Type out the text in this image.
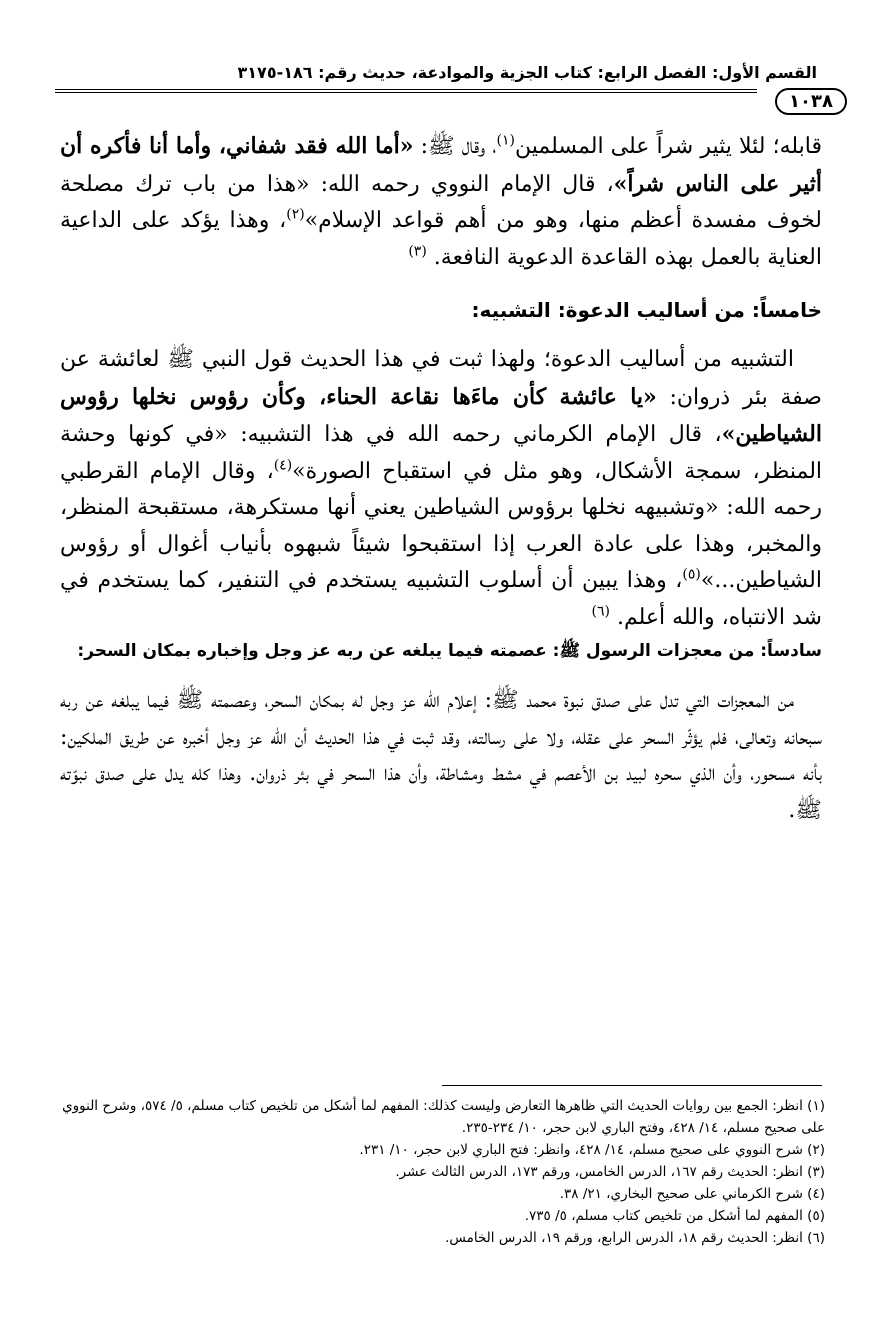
القسم الأول: الفصل الرابع: كتاب الجزية والموادعة، حديث رقم: ١٨٦-٣١٧٥
١٠٣٨

قابله؛ لئلا يثير شراً على المسلمين$^{(١)}$، وقال ﷺ: «أما الله فقد شفاني، وأما أنا فأكره أن أثير على الناس شراً»، قال الإمام النووي رحمه الله: «هذا من باب ترك مصلحة لخوف مفسدة أعظم منها، وهو من أهم قواعد الإسلام»$^{(٢)}$، وهذا يؤكد على الداعية العناية بالعمل بهذه القاعدة الدعوية النافعة. $^{(٣)}$

خامساً: من أساليب الدعوة: التشبيه:

التشبيه من أساليب الدعوة؛ ولهذا ثبت في هذا الحديث قول النبي ﷺ لعائشة عن صفة بئر ذروان: «يا عائشة كأن ماءَها نقاعة الحناء، وكأن رؤوس نخلها رؤوس الشياطين»، قال الإمام الكرماني رحمه الله في هذا التشبيه: «في كونها وحشة المنظر، سمجة الأشكال، وهو مثل في استقباح الصورة»$^{(٤)}$، وقال الإمام القرطبي رحمه الله: «وتشبيهه نخلها برؤوس الشياطين يعني أنها مستكرهة، مستقبحة المنظر، والمخبر، وهذا على عادة العرب إذا استقبحوا شيئاً شبهوه بأنياب أغوال أو رؤوس الشياطين...»$^{(٥)}$، وهذا يبين أن أسلوب التشبيه يستخدم في التنفير، كما يستخدم في شد الانتباه، والله أعلم. $^{(٦)}$

سادساً: من معجزات الرسول ﷺ: عصمته فيما يبلغه عن ربه عز وجل وإخباره بمكان السحر:

من المعجزات التي تدل على صدق نبوة محمد ﷺ: إعلام الله عز وجل له بمكان السحر، وعصمته ﷺ فيما يبلغه عن ربه سبحانه وتعالى، فلم يؤثّر السحر على عقله، ولا على رسالته، وقد ثبت في هذا الحديث أن الله عز وجل أخبره عن طريق الملكين: بأنه مسحور، وأن الذي سحره لبيد بن الأعصم في مشط ومشاطة، وأن هذا السحر في بئر ذروان. وهذا كله يدل على صدق نبوّته ﷺ.

(١) انظر: الجمع بين روايات الحديث التي ظاهرها التعارض وليست كذلك: المفهم لما أشكل من تلخيص كتاب مسلم، ٥/ ٥٧٤، وشرح النووي على صحيح مسلم، ١٤/ ٤٢٨، وفتح الباري لابن حجر، ١٠/ ٢٣٤-٢٣٥.

(٢) شرح النووي على صحيح مسلم، ١٤/ ٤٢٨، وانظر: فتح الباري لابن حجر، ١٠/ ٢٣١.

(٣) انظر: الحديث رقم ١٦٧، الدرس الخامس، ورقم ١٧٣، الدرس الثالث عشر.

(٤) شرح الكرماني على صحيح البخاري، ٢١/ ٣٨.

(٥) المفهم لما أشكل من تلخيص كتاب مسلم، ٥/ ٧٣٥.

(٦) انظر: الحديث رقم ١٨، الدرس الرابع، ورقم ١٩، الدرس الخامس.
